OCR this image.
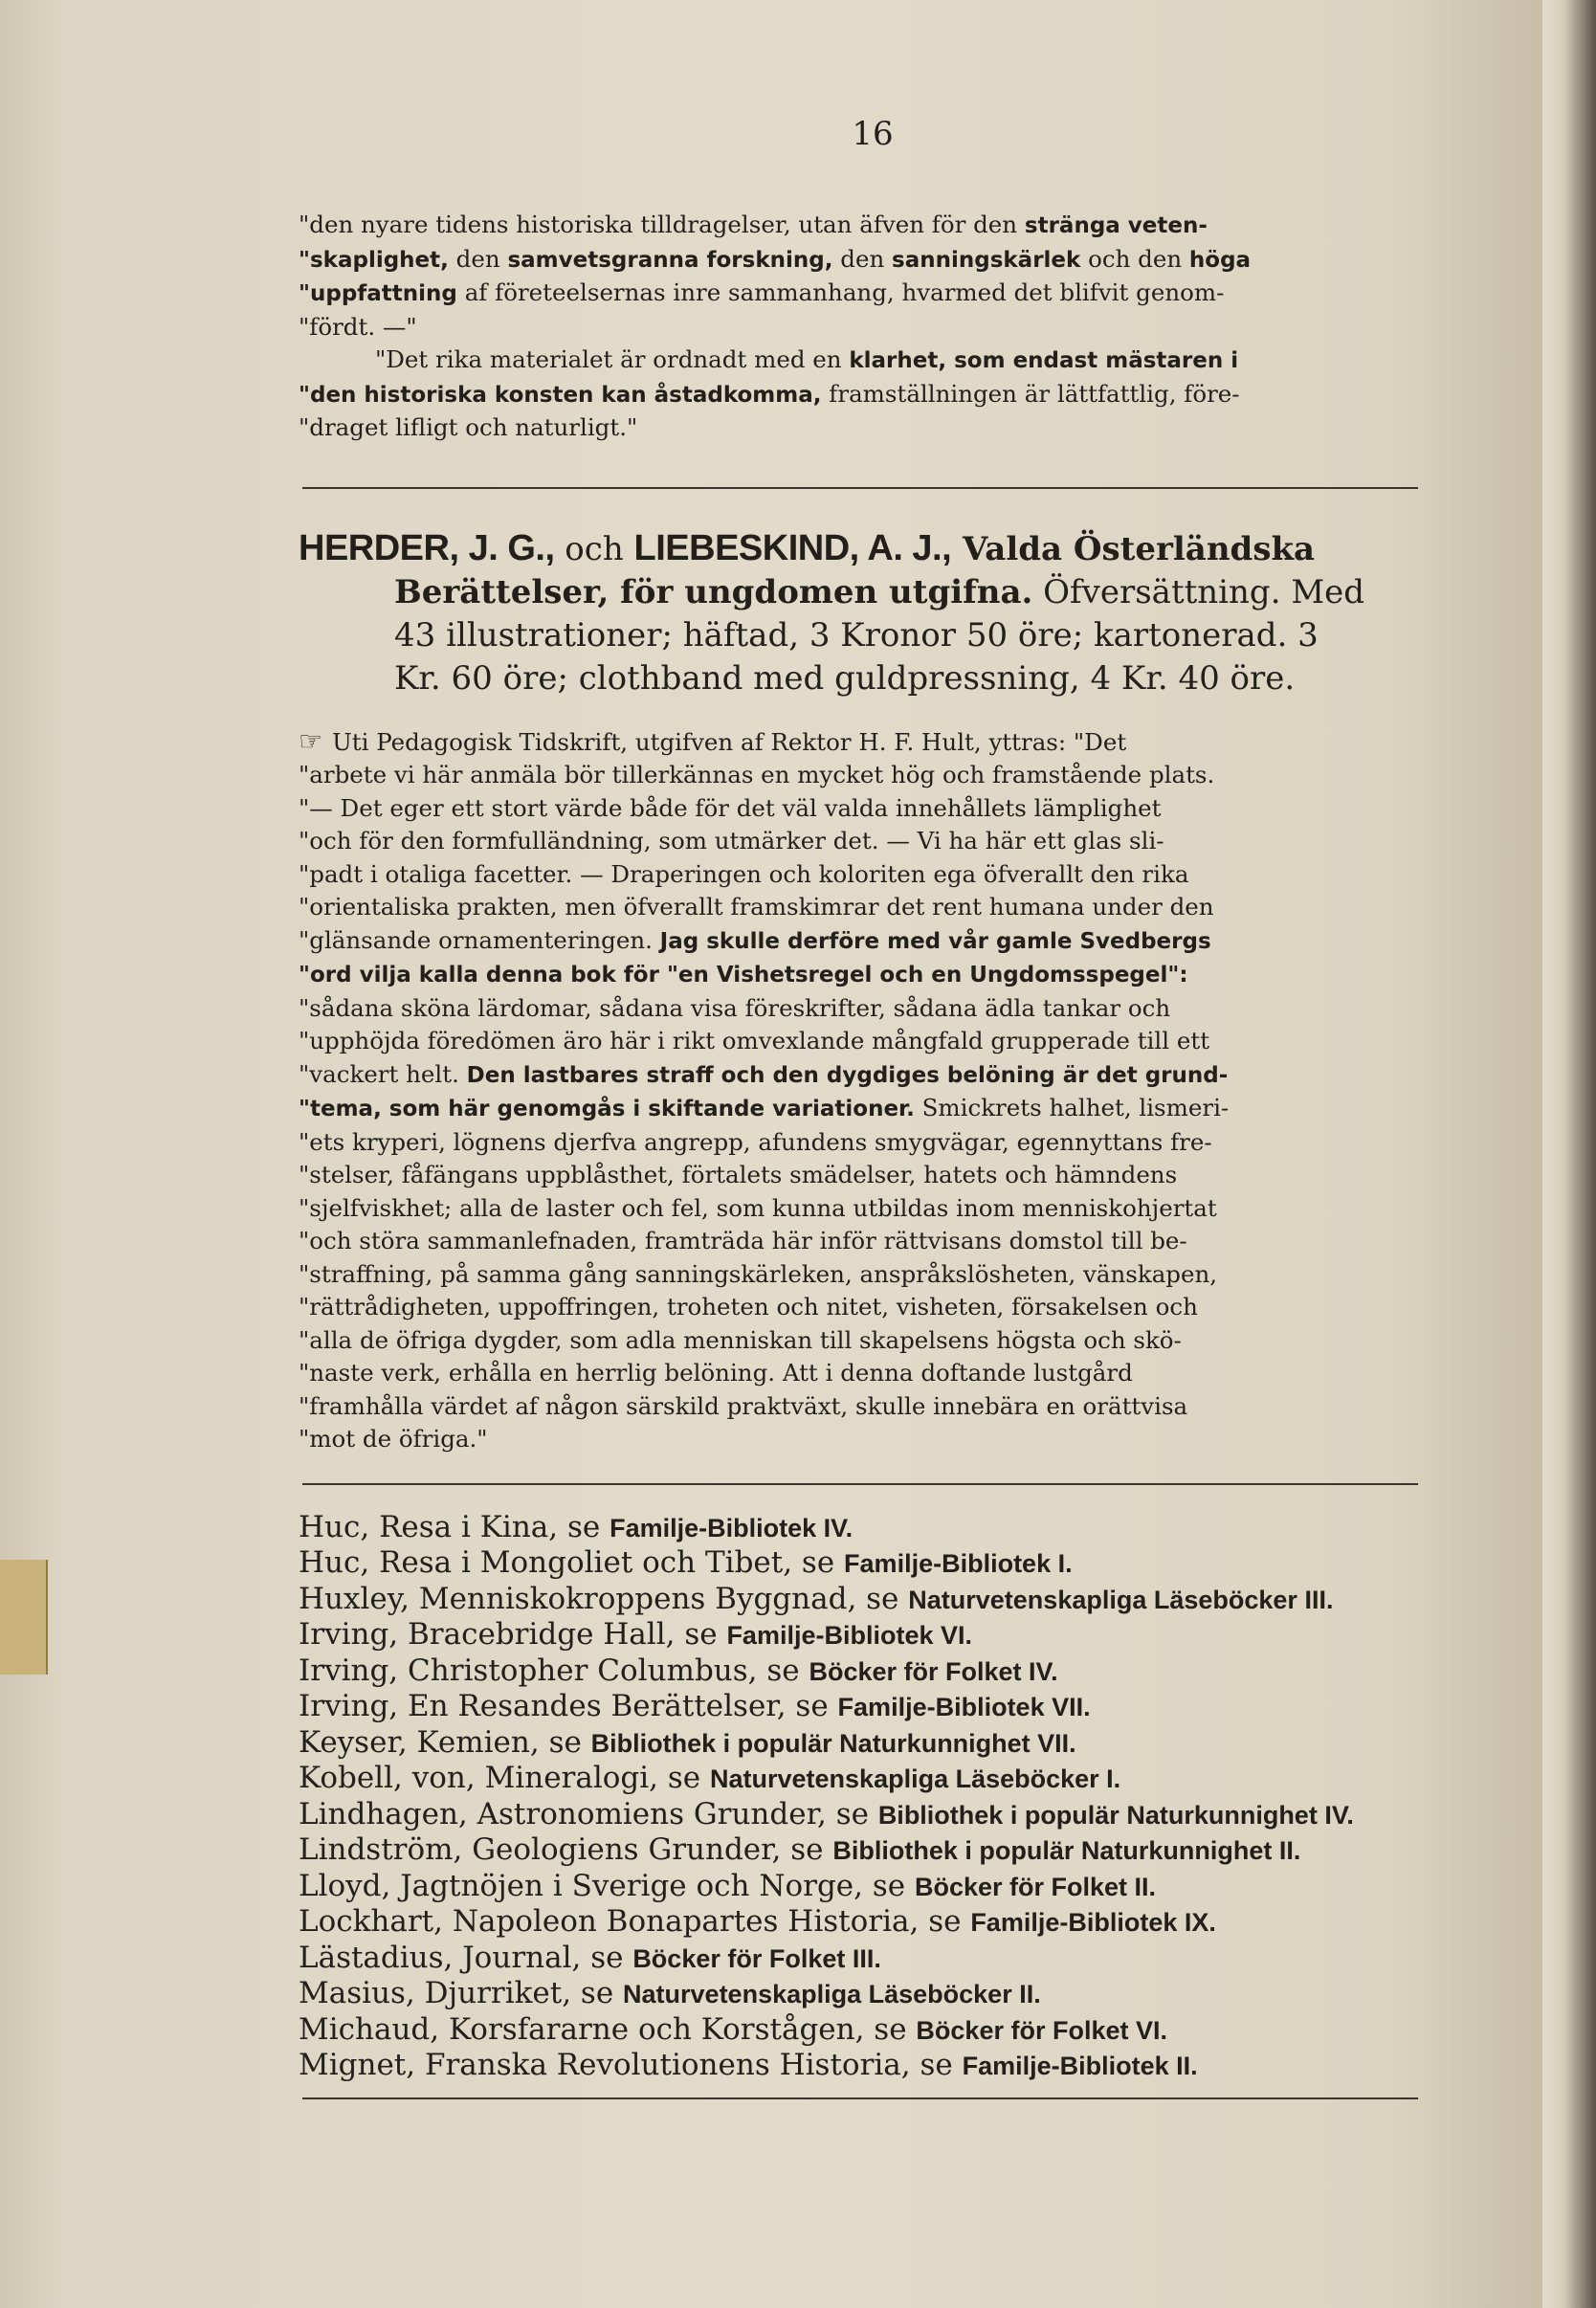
16

"den nyare tidens historiska tilldragelser, utan äfven för den stränga veten-

"skaplighet, den samvetsgranna forskning, den sanningskärlek och den höga

"uppfattning af företeelsernas inre sammanhang, hvarmed det blifvit genom-

"fördt. —"

"Det rika materialet är ordnadt med en klarhet, som endast mästaren i

"den historiska konsten kan åstadkomma, framställningen är lättfattlig, före-

"draget lifligt och naturligt."

HERDER, J. G., och LIEBESKIND, A. J., Valda Österländska
Berättelser, för ungdomen utgifna. Öfversättning. Med
43 illustrationer; häftad, 3 Kronor 50 öre; kartonerad. 3
Kr. 60 öre; clothband med guldpressning, 4 Kr. 40 öre.

☞ Uti Pedagogisk Tidskrift, utgifven af Rektor H. F. Hult, yttras: "Det

"arbete vi här anmäla bör tillerkännas en mycket hög och framstående plats.

"— Det eger ett stort värde både för det väl valda innehållets lämplighet

"och för den formfulländning, som utmärker det. — Vi ha här ett glas sli-

"padt i otaliga facetter. — Draperingen och koloriten ega öfverallt den rika

"orientaliska prakten, men öfverallt framskimrar det rent humana under den

"glänsande ornamenteringen. Jag skulle derföre med vår gamle Svedbergs

"ord vilja kalla denna bok för "en Vishetsregel och en Ungdomsspegel":

"sådana sköna lärdomar, sådana visa föreskrifter, sådana ädla tankar och

"upphöjda föredömen äro här i rikt omvexlande mångfald grupperade till ett

"vackert helt. Den lastbares straff och den dygdiges belöning är det grund-

"tema, som här genomgås i skiftande variationer. Smickrets halhet, lismeri-

"ets kryperi, lögnens djerfva angrepp, afundens smygvägar, egennyttans fre-

"stelser, fåfängans uppblåsthet, förtalets smädelser, hatets och hämndens

"sjelfviskhet; alla de laster och fel, som kunna utbildas inom menniskohjertat

"och störa sammanlefnaden, framträda här inför rättvisans domstol till be-

"straffning, på samma gång sanningskärleken, anspråkslösheten, vänskapen,

"rättrådigheten, uppoffringen, troheten och nitet, visheten, försakelsen och

"alla de öfriga dygder, som adla menniskan till skapelsens högsta och skö-

"naste verk, erhålla en herrlig belöning. Att i denna doftande lustgård

"framhålla värdet af någon särskild praktväxt, skulle innebära en orättvisa

"mot de öfriga."

Huc, Resa i Kina, se Familje-Bibliotek IV.
Huc, Resa i Mongoliet och Tibet, se Familje-Bibliotek I.
Huxley, Menniskokroppens Byggnad, se Naturvetenskapliga Läseböcker III.
Irving, Bracebridge Hall, se Familje-Bibliotek VI.
Irving, Christopher Columbus, se Böcker för Folket IV.
Irving, En Resandes Berättelser, se Familje-Bibliotek VII.
Keyser, Kemien, se Bibliothek i populär Naturkunnighet VII.
Kobell, von, Mineralogi, se Naturvetenskapliga Läseböcker I.
Lindhagen, Astronomiens Grunder, se Bibliothek i populär Naturkunnighet IV.
Lindström, Geologiens Grunder, se Bibliothek i populär Naturkunnighet II.
Lloyd, Jagtnöjen i Sverige och Norge, se Böcker för Folket II.
Lockhart, Napoleon Bonapartes Historia, se Familje-Bibliotek IX.
Lästadius, Journal, se Böcker för Folket III.
Masius, Djurriket, se Naturvetenskapliga Läseböcker II.
Michaud, Korsfararne och Korstågen, se Böcker för Folket VI.
Mignet, Franska Revolutionens Historia, se Familje-Bibliotek II.
